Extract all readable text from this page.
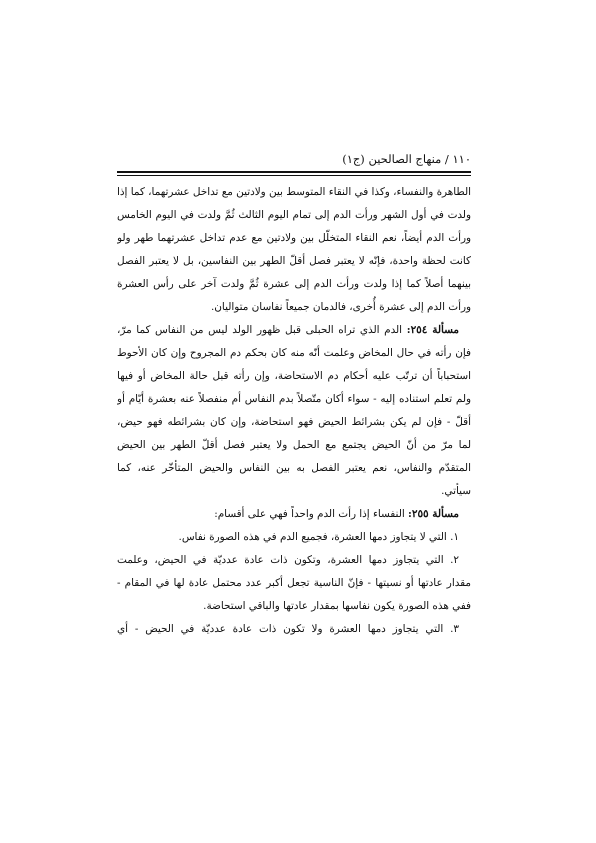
١١٠ / منهاج الصالحين (ج١)
الطاهرة والنفساء، وكذا في النقاء المتوسط بين ولادتين مع تداخل عشرتهما، كما إذا
ولدت في أول الشهر ورأت الدم إلى تمام اليوم الثالث ثُمَّ ولدت في اليوم الخامس
ورأت الدم أيضاً، نعم النقاء المتخلّل بين ولادتين مع عدم تداخل عشرتهما طهر ولو
كانت لحظة واحدة، فإنّه لا يعتبر فصل أقلّ الطهر بين النفاسين، بل لا يعتبر الفصل
بينهما أصلاً كما إذا ولدت ورأت الدم إلى عشرة ثُمَّ ولدت آخر على رأس العشرة
ورأت الدم إلى عشرة أُخرى، فالدمان جميعاً نفاسان متواليان.
مسألة ٢٥٤: الدم الذي تراه الحبلى قبل ظهور الولد ليس من النفاس كما مرّ،
فإن رأته في حال المخاض وعلمت أنّه منه كان بحكم دم المجروح وإن كان الأحوط
استحباباً أن ترتّب عليه أحكام دم الاستحاضة، وإن رأته قبل حالة المخاض أو فيها
ولم تعلم استناده إليه - سواء أكان متّصلاً بدم النفاس أم منفصلاً عنه بعشرة أيّام أو
أقلّ - فإن لم يكن بشرائط الحيض فهو استحاضة، وإن كان بشرائطه فهو حيض،
لما مرّ من أنّ الحيض يجتمع مع الحمل ولا يعتبر فصل أقلّ الطهر بين الحيض
المتقدّم والنفاس، نعم يعتبر الفصل به بين النفاس والحيض المتأخّر عنه، كما
سيأتي.
مسألة ٢٥٥: النفساء إذا رأت الدم واحداً فهي على أقسام:
١. التي لا يتجاوز دمها العشرة، فجميع الدم في هذه الصورة نفاس.
٢. التي يتجاوز دمها العشرة، وتكون ذات عادة عدديّة في الحيض، وعلمت
مقدار عادتها أو نسيتها - فإنّ الناسية تجعل أكبر عدد محتمل عادة لها في المقام -
ففي هذه الصورة يكون نفاسها بمقدار عادتها والباقي استحاضة.
٣. التي يتجاوز دمها العشرة ولا تكون ذات عادة عدديّة في الحيض - أي
